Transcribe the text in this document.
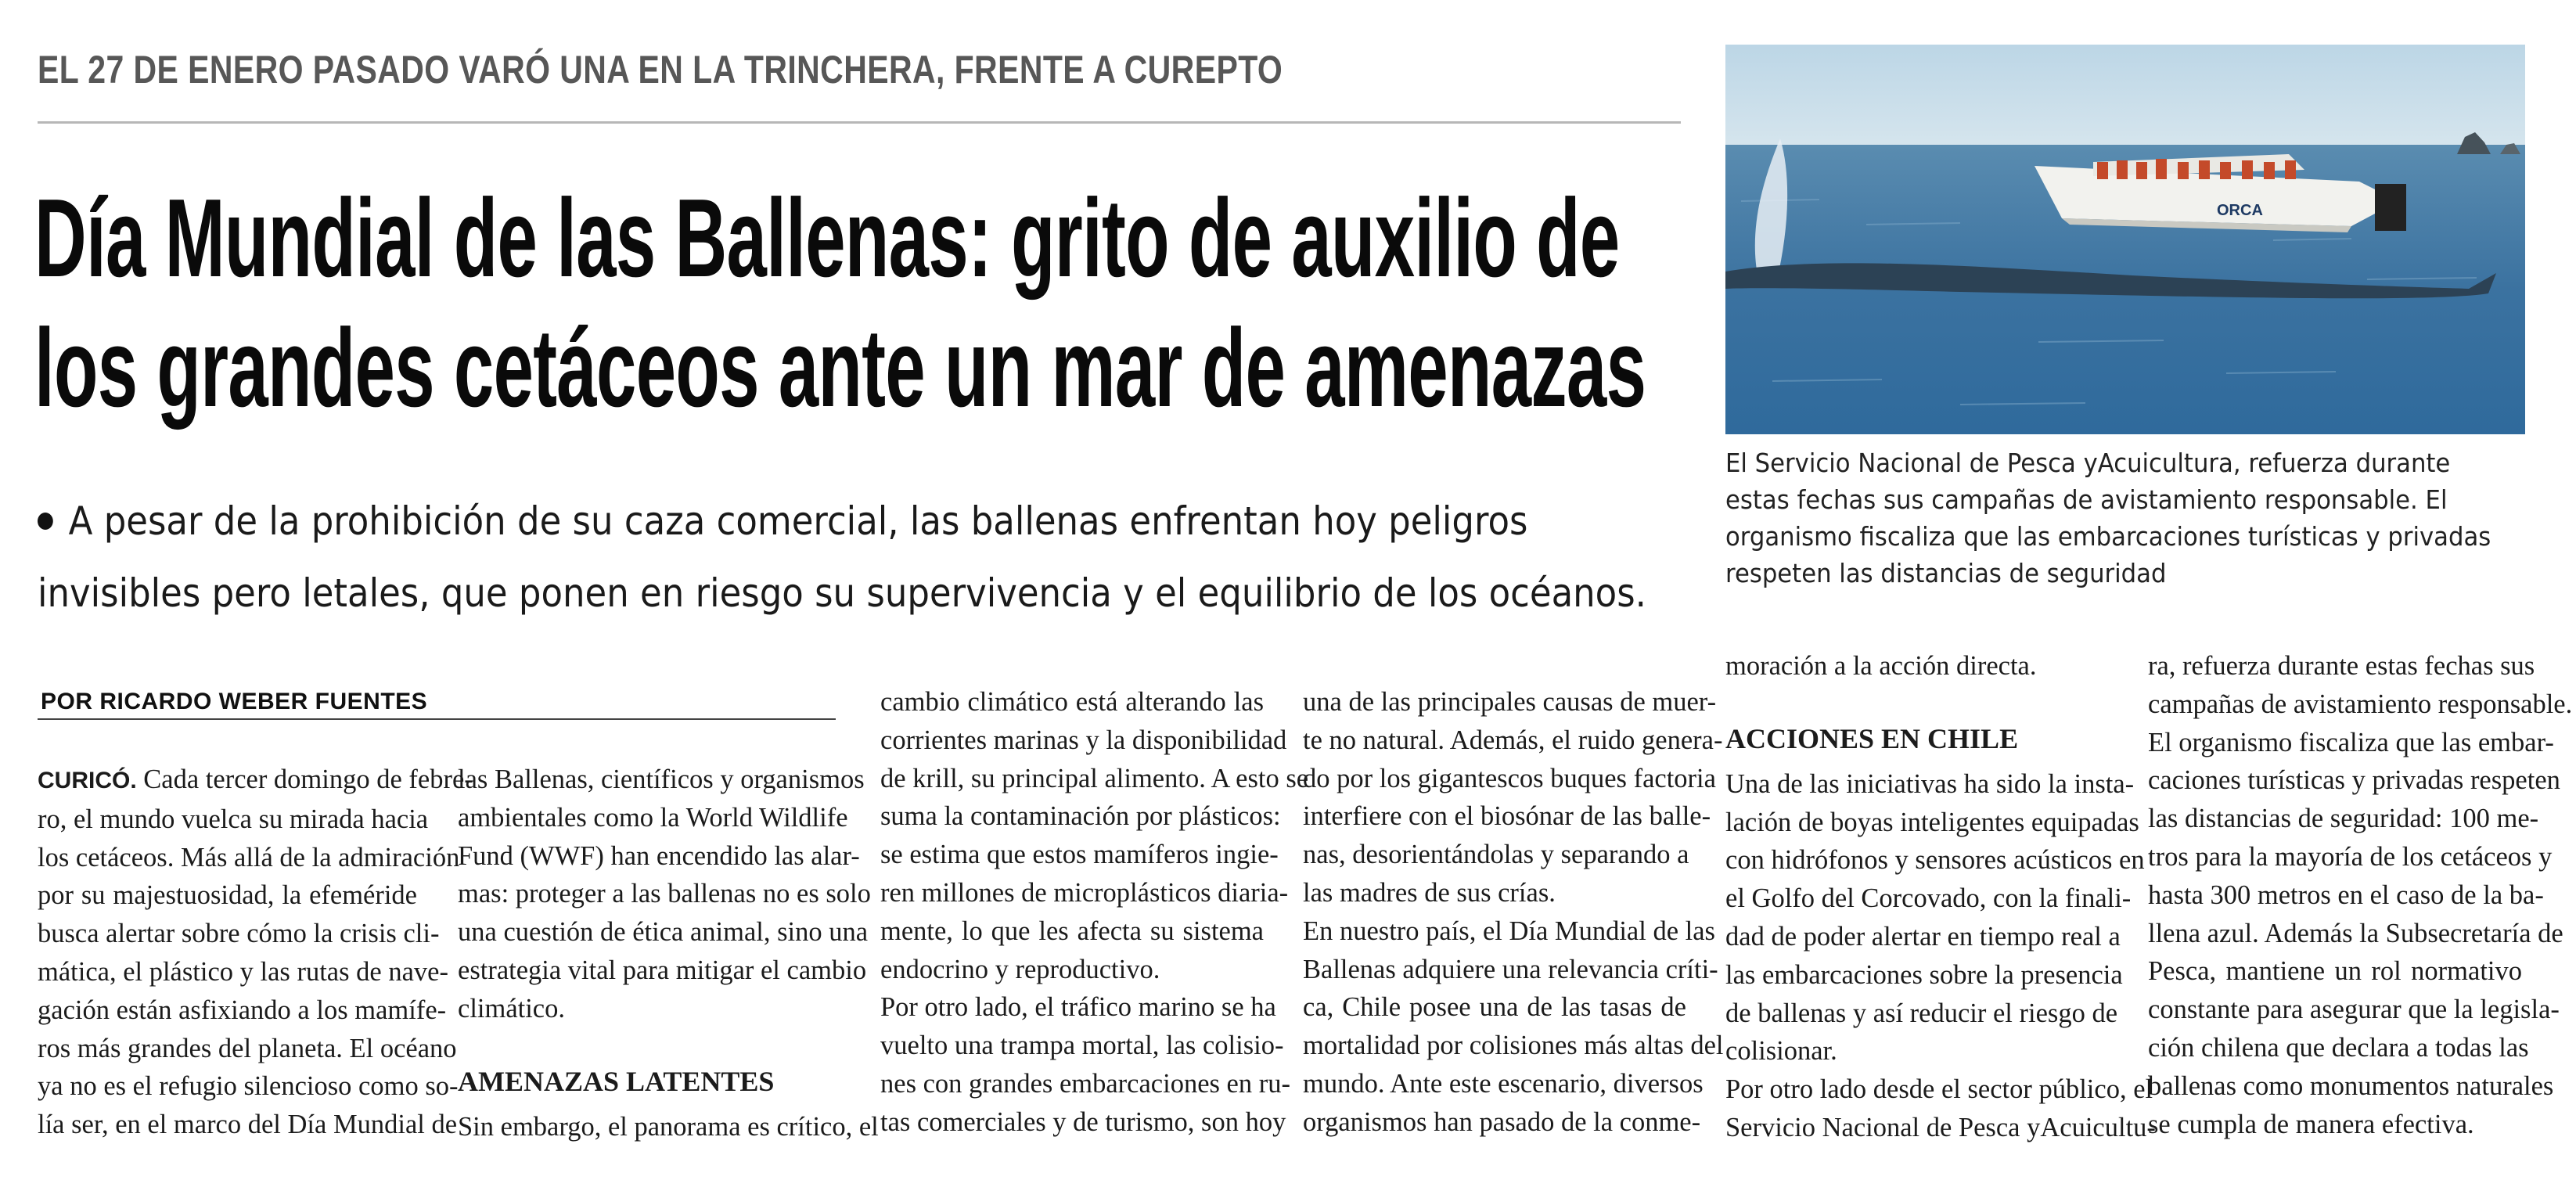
EL 27 DE ENERO PASADO VARÓ UNA EN LA TRINCHERA, FRENTE A CUREPTO
Día Mundial de las Ballenas: grito de auxilio de
los grandes cetáceos ante un mar de amenazas
A pesar de la prohibición de su caza comercial, las ballenas enfrentan hoy peligros
invisibles pero letales, que ponen en riesgo su supervivencia y el equilibrio de los océanos.
POR RICARDO WEBER FUENTES
ORCA
El Servicio Nacional de Pesca yAcuicultura, refuerza durante
estas fechas sus campañas de avistamiento responsable. El
organismo fiscaliza que las embarcaciones turísticas y privadas
respeten las distancias de seguridad
CURICÓ. Cada tercer domingo de febre-
ro, el mundo vuelca su mirada hacia
los cetáceos. Más allá de la admiración
por su majestuosidad, la efeméride
busca alertar sobre cómo la crisis cli-
mática, el plástico y las rutas de nave-
gación están asfixiando a los mamífe-
ros más grandes del planeta. El océano
ya no es el refugio silencioso como so-
lía ser, en el marco del Día Mundial de
las Ballenas, científicos y organismos
ambientales como la World Wildlife
Fund (WWF) han encendido las alar-
mas: proteger a las ballenas no es solo
una cuestión de ética animal, sino una
estrategia vital para mitigar el cambio
climático.
AMENAZAS LATENTES
Sin embargo, el panorama es crítico, el
cambio climático está alterando las
corrientes marinas y la disponibilidad
de krill, su principal alimento. A esto se
suma la contaminación por plásticos:
se estima que estos mamíferos ingie-
ren millones de microplásticos diaria-
mente, lo que les afecta su sistema
endocrino y reproductivo.
Por otro lado, el tráfico marino se ha
vuelto una trampa mortal, las colisio-
nes con grandes embarcaciones en ru-
tas comerciales y de turismo, son hoy
una de las principales causas de muer-
te no natural. Además, el ruido genera-
do por los gigantescos buques factoria
interfiere con el biosónar de las balle-
nas, desorientándolas y separando a
las madres de sus crías.
En nuestro país, el Día Mundial de las
Ballenas adquiere una relevancia críti-
ca, Chile posee una de las tasas de
mortalidad por colisiones más altas del
mundo. Ante este escenario, diversos
organismos han pasado de la conme-
moración a la acción directa.
ACCIONES EN CHILE
Una de las iniciativas ha sido la insta-
lación de boyas inteligentes equipadas
con hidrófonos y sensores acústicos en
el Golfo del Corcovado, con la finali-
dad de poder alertar en tiempo real a
las embarcaciones sobre la presencia
de ballenas y así reducir el riesgo de
colisionar.
Por otro lado desde el sector público, el
Servicio Nacional de Pesca yAcuicultu-
ra, refuerza durante estas fechas sus
campañas de avistamiento responsable.
El organismo fiscaliza que las embar-
caciones turísticas y privadas respeten
las distancias de seguridad: 100 me-
tros para la mayoría de los cetáceos y
hasta 300 metros en el caso de la ba-
llena azul. Además la Subsecretaría de
Pesca, mantiene un rol normativo
constante para asegurar que la legisla-
ción chilena que declara a todas las
ballenas como monumentos naturales
se cumpla de manera efectiva.
